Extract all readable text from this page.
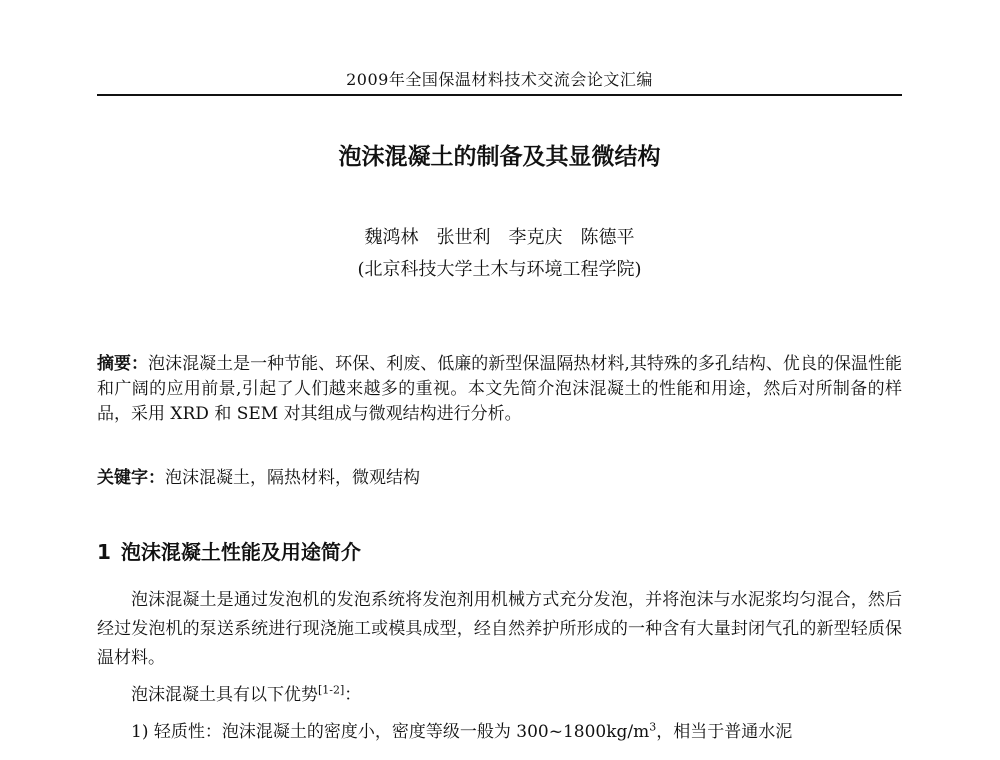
2009年全国保温材料技术交流会论文汇编
泡沫混凝土的制备及其显微结构
魏鸿林　张世利　李克庆　陈德平
(北京科技大学土木与环境工程学院)
摘要：泡沫混凝土是一种节能、环保、利废、低廉的新型保温隔热材料,其特殊的多孔结构、优良的保温性能和广阔的应用前景,引起了人们越来越多的重视。本文先简介泡沫混凝土的性能和用途，然后对所制备的样品，采用 XRD 和 SEM 对其组成与微观结构进行分析。
关键字：泡沫混凝土，隔热材料，微观结构
1 泡沫混凝土性能及用途简介
泡沫混凝土是通过发泡机的发泡系统将发泡剂用机械方式充分发泡，并将泡沫与水泥浆均匀混合，然后经过发泡机的泵送系统进行现浇施工或模具成型，经自然养护所形成的一种含有大量封闭气孔的新型轻质保温材料。
泡沫混凝土具有以下优势[1-2]：
1) 轻质性：泡沫混凝土的密度小，密度等级一般为 $300\sim 1800kg/m^3$，相当于普通水泥
